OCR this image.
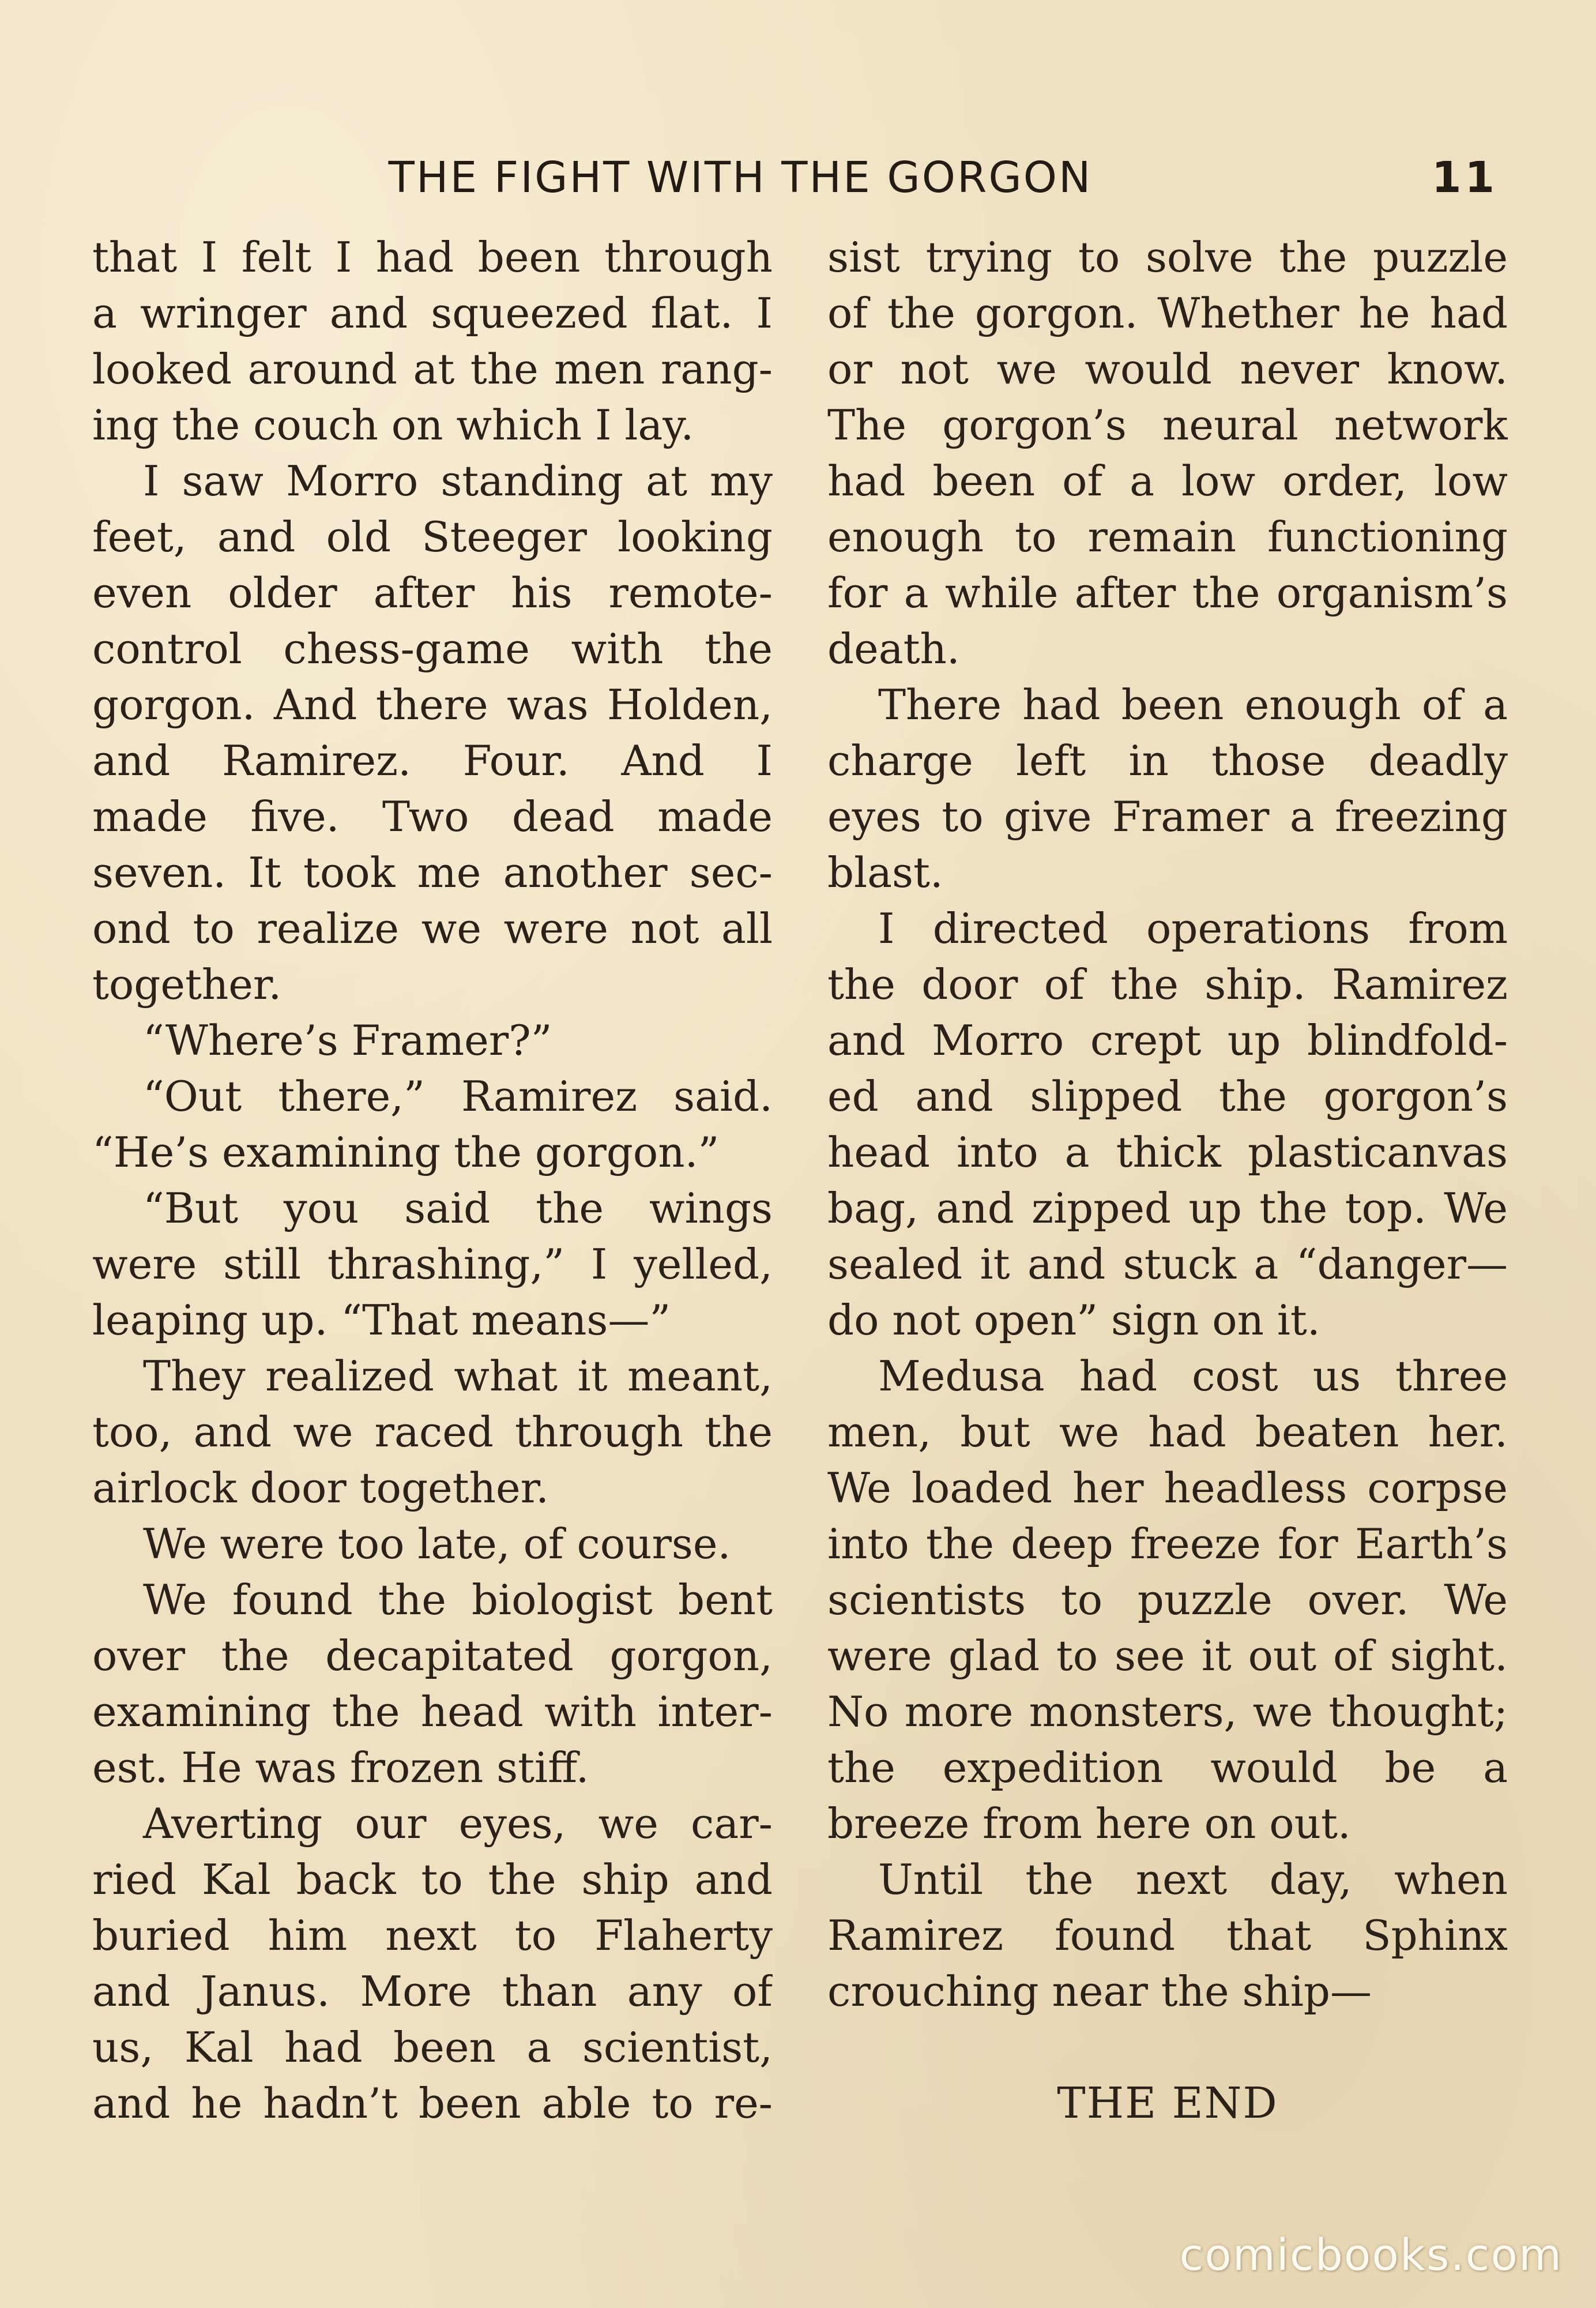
THE FIGHT WITH THE GORGON	11
that I felt I had been through
a wringer and squeezed flat. I
looked around at the men rang-
ing the couch on which I lay.
I saw Morro standing at my
feet, and old Steeger looking
even older after his remote-
control chess-game with the
gorgon. And there was Holden,
and Ramirez. Four. And I
made five. Two dead made
seven. It took me another sec-
ond to realize we were not all
together.
“Where’s Framer?”
“Out there,” Ramirez said.
“He’s examining the gorgon.”
“But you said the wings
were still thrashing,” I yelled,
leaping up. “That means—”
They realized what it meant,
too, and we raced through the
airlock door together.
We were too late, of course.
We found the biologist bent
over the decapitated gorgon,
examining the head with inter-
est. He was frozen stiff.
Averting our eyes, we car-
ried Kal back to the ship and
buried him next to Flaherty
and Janus. More than any of
us, Kal had been a scientist,
and he hadn’t been able to re-
sist trying to solve the puzzle
of the gorgon. Whether he had
or not we would never know.
The gorgon’s neural network
had been of a low order, low
enough to remain functioning
for a while after the organism’s
death.
There had been enough of a
charge left in those deadly
eyes to give Framer a freezing
blast.
I directed operations from
the door of the ship. Ramirez
and Morro crept up blindfold-
ed and slipped the gorgon’s
head into a thick plasticanvas
bag, and zipped up the top. We
sealed it and stuck a “danger—
do not open” sign on it.
Medusa had cost us three
men, but we had beaten her.
We loaded her headless corpse
into the deep freeze for Earth’s
scientists to puzzle over. We
were glad to see it out of sight.
No more monsters, we thought;
the expedition would be a
breeze from here on out.
Until the next day, when
Ramirez found that Sphinx
crouching near the ship—
THE END
comicbooks.com
